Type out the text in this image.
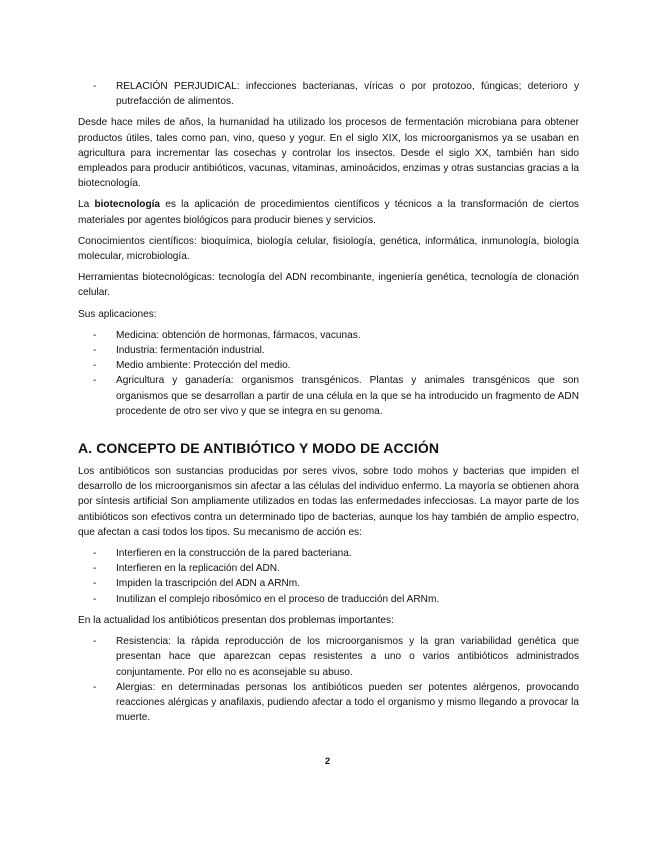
- RELACIÓN PERJUDICAL: infecciones bacterianas, víricas o por protozoo, fúngicas; deterioro y putrefacción de alimentos.

Desde hace miles de años, la humanidad ha utilizado los procesos de fermentación microbiana para obtener productos útiles, tales como pan, vino, queso y yogur. En el siglo XIX, los microorganismos ya se usaban en agricultura para incrementar las cosechas y controlar los insectos. Desde el siglo XX, también han sido empleados para producir antibióticos, vacunas, vitaminas, aminoácidos, enzimas y otras sustancias gracias a la biotecnología.

La biotecnología es la aplicación de procedimientos científicos y técnicos a la transformación de ciertos materiales por agentes biológicos para producir bienes y servicios.

Conocimientos científicos: bioquímica, biología celular, fisiología, genética, informática, inmunología, biología molecular, microbiología.

Herramientas biotecnológicas: tecnología del ADN recombinante, ingeniería genética, tecnología de clonación celular.

Sus aplicaciones:

- Medicina: obtención de hormonas, fármacos, vacunas.
- Industria: fermentación industrial.
- Medio ambiente: Protección del medio.
- Agricultura y ganadería: organismos transgénicos. Plantas y animales transgénicos que son organismos que se desarrollan a partir de una célula en la que se ha introducido un fragmento de ADN procedente de otro ser vivo y que se integra en su genoma.
A. CONCEPTO DE ANTIBIÓTICO Y MODO DE ACCIÓN

Los antibióticos son sustancias producidas por seres vivos, sobre todo mohos y bacterias que impiden el desarrollo de los microorganismos sin afectar a las células del individuo enfermo. La mayoría se obtienen ahora por síntesis artificial Son ampliamente utilizados en todas las enfermedades infecciosas. La mayor parte de los antibióticos son efectivos contra un determinado tipo de bacterias, aunque los hay también de amplio espectro, que afectan a casi todos los tipos. Su mecanismo de acción es:

- Interfieren en la construcción de la pared bacteriana.
- Interfieren en la replicación del ADN.
- Impiden la trascripción del ADN a ARNm.
- Inutilizan el complejo ribosómico en el proceso de traducción del ARNm.

En la actualidad los antibióticos presentan dos problemas importantes:

- Resistencia: la rápida reproducción de los microorganismos y la gran variabilidad genética que presentan hace que aparezcan cepas resistentes a uno o varios antibióticos administrados conjuntamente. Por ello no es aconsejable su abuso.
- Alergias: en determinadas personas los antibióticos pueden ser potentes alérgenos, provocando reacciones alérgicas y anafilaxis, pudiendo afectar a todo el organismo y mismo llegando a provocar la muerte.
2
